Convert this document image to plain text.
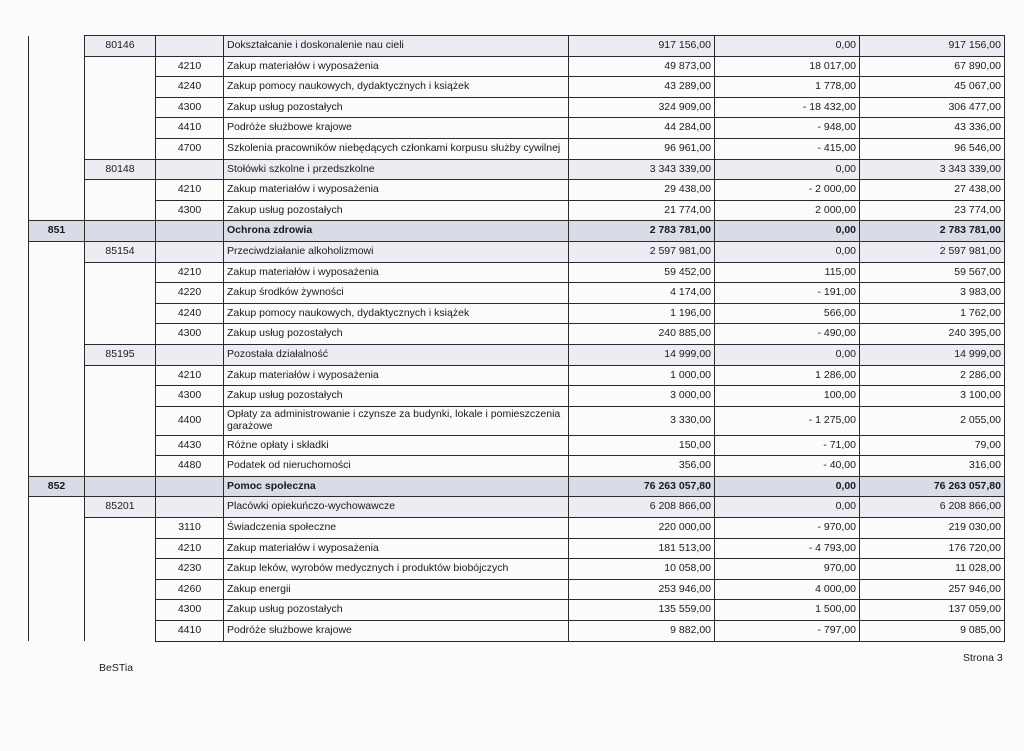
	80146		Dokształcanie i doskonalenie nau cieli	917 156,00	0,00	917 156,00
		4210	Zakup materiałów i wyposażenia	49 873,00	18 017,00	67 890,00
		4240	Zakup pomocy naukowych, dydaktycznych i książek	43 289,00	1 778,00	45 067,00
		4300	Zakup usług pozostałych	324 909,00	- 18 432,00	306 477,00
		4410	Podróże służbowe krajowe	44 284,00	- 948,00	43 336,00
		4700	Szkolenia pracowników niebędących członkami korpusu służby cywilnej	96 961,00	- 415,00	96 546,00
	80148		Stołówki szkolne i przedszkolne	3 343 339,00	0,00	3 343 339,00
		4210	Zakup materiałów i wyposażenia	29 438,00	- 2 000,00	27 438,00
		4300	Zakup usług pozostałych	21 774,00	2 000,00	23 774,00
851			Ochrona zdrowia	2 783 781,00	0,00	2 783 781,00
	85154		Przeciwdziałanie alkoholizmowi	2 597 981,00	0,00	2 597 981,00
		4210	Zakup materiałów i wyposażenia	59 452,00	115,00	59 567,00
		4220	Zakup środków żywności	4 174,00	- 191,00	3 983,00
		4240	Zakup pomocy naukowych, dydaktycznych i książek	1 196,00	566,00	1 762,00
		4300	Zakup usług pozostałych	240 885,00	- 490,00	240 395,00
	85195		Pozostała działalność	14 999,00	0,00	14 999,00
		4210	Zakup materiałów i wyposażenia	1 000,00	1 286,00	2 286,00
		4300	Zakup usług pozostałych	3 000,00	100,00	3 100,00
		4400	Opłaty za administrowanie i czynsze za budynki, lokale i pomieszczenia garażowe	3 330,00	- 1 275,00	2 055,00
		4430	Różne opłaty i składki	150,00	- 71,00	79,00
		4480	Podatek od nieruchomości	356,00	- 40,00	316,00
852			Pomoc społeczna	76 263 057,80	0,00	76 263 057,80
	85201		Placówki opiekuńczo-wychowawcze	6 208 866,00	0,00	6 208 866,00
		3110	Świadczenia społeczne	220 000,00	- 970,00	219 030,00
		4210	Zakup materiałów i wyposażenia	181 513,00	- 4 793,00	176 720,00
		4230	Zakup leków, wyrobów medycznych i produktów biobójczych	10 058,00	970,00	11 028,00
		4260	Zakup energii	253 946,00	4 000,00	257 946,00
		4300	Zakup usług pozostałych	135 559,00	1 500,00	137 059,00
		4410	Podróże służbowe krajowe	9 882,00	- 797,00	9 085,00
BeSTia
Strona 3
